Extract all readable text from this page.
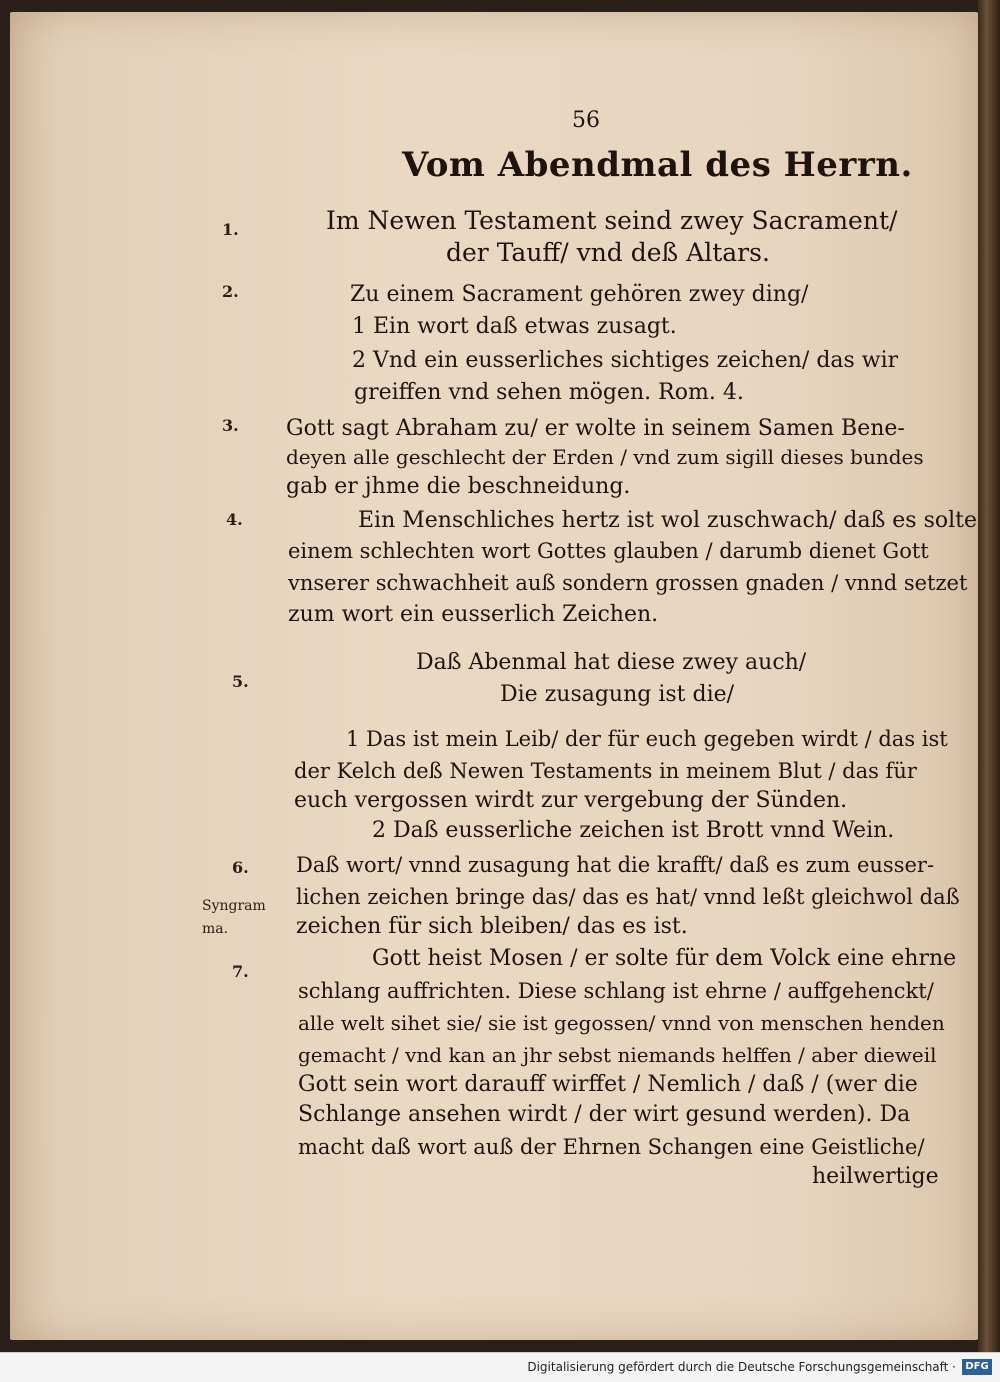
56
Vom Abendmal des Herrn.
1.
2.
3.
4.
5.
6.
Syngram
ma.
7.
Im Newen Testament seind zwey Sacrament/
der Tauff/ vnd deß Altars.
Zu einem Sacrament gehören zwey ding/
1 Ein wort daß etwas zusagt.
2 Vnd ein eusserliches sichtiges zeichen/ das wir
greiffen vnd sehen mögen. Rom. 4.
Gott sagt Abraham zu/ er wolte in seinem Samen Bene-
deyen alle geschlecht der Erden / vnd zum sigill dieses bundes
gab er jhme die beschneidung.
Ein Menschliches hertz ist wol zuschwach/ daß es solte
einem schlechten wort Gottes glauben / darumb dienet Gott
vnserer schwachheit auß sondern grossen gnaden / vnnd setzet
zum wort ein eusserlich Zeichen.
Daß Abenmal hat diese zwey auch/
Die zusagung ist die/
1 Das ist mein Leib/ der für euch gegeben wirdt / das ist
der Kelch deß Newen Testaments in meinem Blut / das für
euch vergossen wirdt zur vergebung der Sünden.
2 Daß eusserliche zeichen ist Brott vnnd Wein.
Daß wort/ vnnd zusagung hat die krafft/ daß es zum eusser-
lichen zeichen bringe das/ das es hat/ vnnd leßt gleichwol daß
zeichen für sich bleiben/ das es ist.
Gott heist Mosen / er solte für dem Volck eine ehrne
schlang auffrichten. Diese schlang ist ehrne / auffgehenckt/
alle welt sihet sie/ sie ist gegossen/ vnnd von menschen henden
gemacht / vnd kan an jhr sebst niemands helffen / aber dieweil
Gott sein wort darauff wirffet / Nemlich / daß / (wer die
Schlange ansehen wirdt / der wirt gesund werden). Da
macht daß wort auß der Ehrnen Schangen eine Geistliche/
heilwertige
Digitalisierung gefördert durch die Deutsche Forschungsgemeinschaft · DFG
